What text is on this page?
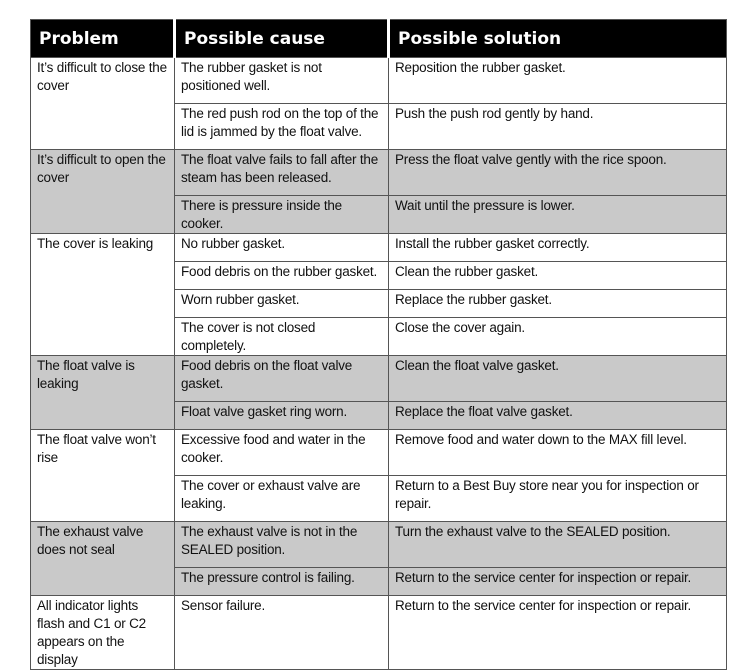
Problem	Possible cause	Possible solution
It’s difficult to close the cover	The rubber gasket is not positioned well.	Reposition the rubber gasket.
	The red push rod on the top of the lid is jammed by the float valve.	Push the push rod gently by hand.
It’s difficult to open the cover	The float valve fails to fall after the steam has been released.	Press the float valve gently with the rice spoon.
	There is pressure inside the cooker.	Wait until the pressure is lower.
The cover is leaking	No rubber gasket.	Install the rubber gasket correctly.
	Food debris on the rubber gasket.	Clean the rubber gasket.
	Worn rubber gasket.	Replace the rubber gasket.
	The cover is not closed completely.	Close the cover again.
The float valve is leaking	Food debris on the float valve gasket.	Clean the float valve gasket.
	Float valve gasket ring worn.	Replace the float valve gasket.
The float valve won’t rise	Excessive food and water in the cooker.	Remove food and water down to the MAX fill level.
	The cover or exhaust valve are leaking.	Return to a Best Buy store near you for inspection or repair.
The exhaust valve does not seal	The exhaust valve is not in the SEALED position.	Turn the exhaust valve to the SEALED position.
	The pressure control is failing.	Return to the service center for inspection or repair.
All indicator lights flash and C1 or C2 appears on the display	Sensor failure.	Return to the service center for inspection or repair.
